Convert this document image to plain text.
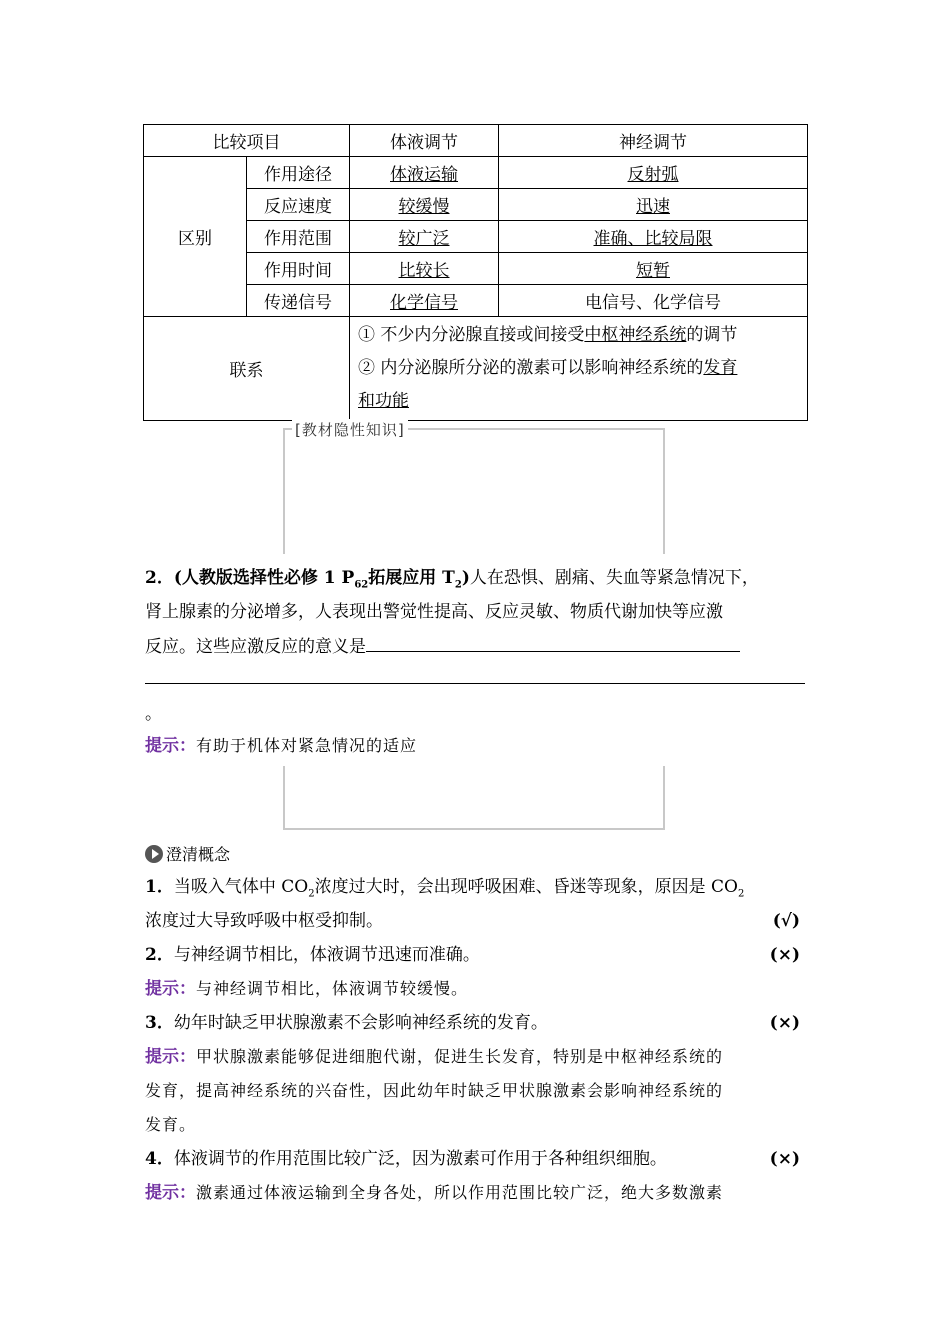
比较项目		体液调节	神经调节
区别	作用途径	体液运输	反射弧
	反应速度	较缓慢	迅速
	作用范围	较广泛	准确、比较局限
	作用时间	比较长	短暂
	传递信号	化学信号	电信号、化学信号
联系		① 不少内分泌腺直接或间接受中枢神经系统的调节
② 内分泌腺所分泌的激素可以影响神经系统的发育
和功能	
[教材隐性知识]
2．(人教版选择性必修 1 $P_{62}$拓展应用 $T_2$)人在恐惧、剧痛、失血等紧急情况下，
肾上腺素的分泌增多，人表现出警觉性提高、反应灵敏、物质代谢加快等应激
反应。这些应激反应的意义是
。
提示：有助于机体对紧急情况的适应
澄清概念
1．当吸入气体中 $CO_2$浓度过大时，会出现呼吸困难、昏迷等现象，原因是 $CO_2$
浓度过大导致呼吸中枢受抑制。	(√)
2．与神经调节相比，体液调节迅速而准确。	(×)
提示：与神经调节相比，体液调节较缓慢。
3．幼年时缺乏甲状腺激素不会影响神经系统的发育。	(×)
提示：甲状腺激素能够促进细胞代谢，促进生长发育，特别是中枢神经系统的
发育，提高神经系统的兴奋性，因此幼年时缺乏甲状腺激素会影响神经系统的
发育。
4．体液调节的作用范围比较广泛，因为激素可作用于各种组织细胞。	(×)
提示：激素通过体液运输到全身各处，所以作用范围比较广泛，绝大多数激素
